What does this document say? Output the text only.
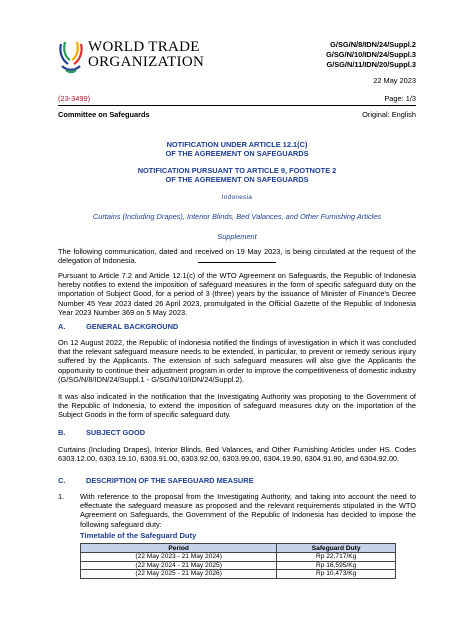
WORLD TRADE
ORGANIZATION
G/SG/N/8/IDN/24/Suppl.2
G/SG/N/10/IDN/24/Suppl.3
G/SG/N/11/IDN/20/Suppl.3
22 May 2023
(23-3499)	Page: 1/3
Committee on Safeguards	Original: English
NOTIFICATION UNDER ARTICLE 12.1(C)
OF THE AGREEMENT ON SAFEGUARDS
NOTIFICATION PURSUANT TO ARTICLE 9, FOOTNOTE 2
OF THE AGREEMENT ON SAFEGUARDS
Indonesia
Curtains (Including Drapes), Interior Blinds, Bed Valances, and Other Furnishing Articles
Supplement
The following communication, dated and received on 19 May 2023, is being circulated at the request of the delegation of Indonesia.
Pursuant to Article 7.2 and Article 12.1(c) of the WTO Agreement on Safeguards, the Republic of Indonesia hereby notifies to extend the imposition of safeguard measures in the form of specific safeguard duty on the importation of Subject Good, for a period of 3 (three) years by the issuance of Minister of Finance's Decree Number 45 Year 2023 dated 26 April 2023, promulgated in the Official Gazette of the Republic of Indonesia Year 2023 Number 369 on 5 May 2023.
A.	GENERAL BACKGROUND
On 12 August 2022, the Republic of Indonesia notified the findings of investigation in which it was concluded that the relevant safeguard measure needs to be extended, in particular, to prevent or remedy serious injury suffered by the Applicants. The extension of such safeguard measures will also give the Applicants the opportunity to continue their adjustment program in order to improve the competitiveness of domestic industry (G/SG/N/8/IDN/24/Suppl.1 - G/SG/N/10/IDN/24/Suppl.2).
It was also indicated in the notification that the Investigating Authority was proposing to the Government of the Republic of Indonesia, to extend the imposition of safeguard measures duty on the importation of the Subject Goods in the form of specific safeguard duty.
B.	SUBJECT GOOD
Curtains (Including Drapes), Interior Blinds, Bed Valances, and Other Furnishing Articles under HS. Codes 6303.12.00, 6303.19.10, 6303.91.00, 6303.92.00, 6303.99.00, 6304.19.90, 6304.91.90, and 6304.92.00.
C.	DESCRIPTION OF THE SAFEGUARD MEASURE
1. With reference to the proposal from the Investigating Authority, and taking into account the need to effectuate the safeguard measure as proposed and the relevant requirements stipulated in the WTO Agreement on Safeguards, the Government of the Republic of Indonesia has decided to impose the following safeguard duty:
Timetable of the Safeguard Duty
Period	Safeguard Duty
(22 May 2023 - 21 May 2024)	Rp 22,717/Kg
(22 May 2024 - 21 May 2025)	Rp 16,595/Kg
(22 May 2025 - 21 May 2026)	Rp 10,473/Kg
